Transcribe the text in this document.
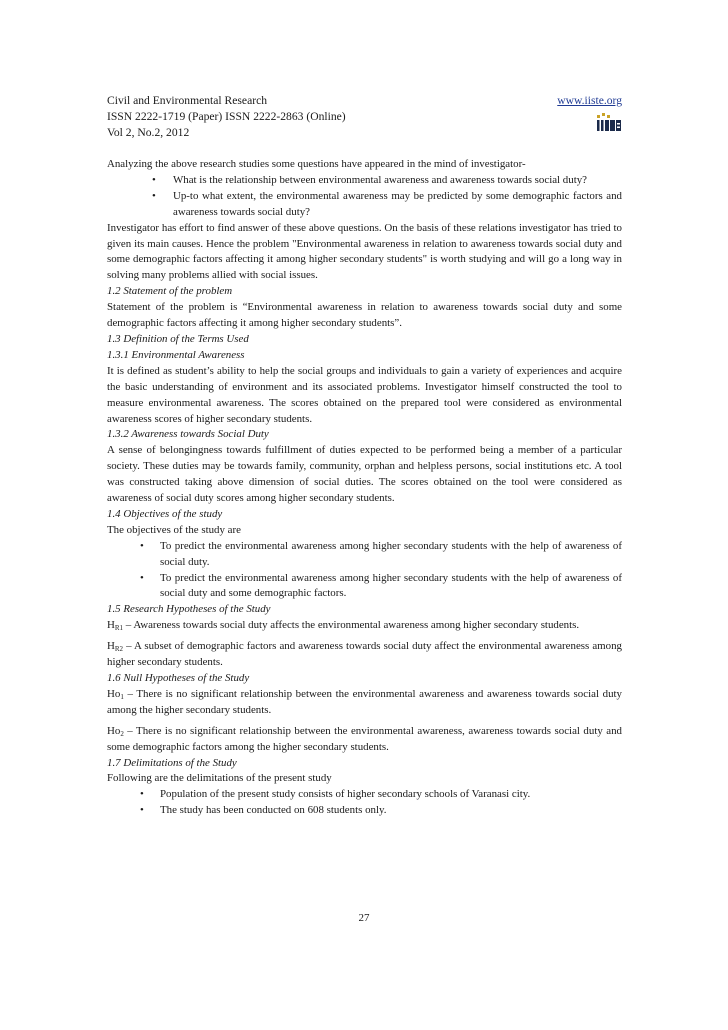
Civil and Environmental Research
ISSN 2222-1719 (Paper) ISSN 2222-2863 (Online)
Vol 2, No.2, 2012
www.iiste.org

Analyzing the above research studies some questions have appeared in the mind of investigator-

• What is the relationship between environmental awareness and awareness towards social duty?
• Up-to what extent, the environmental awareness may be predicted by some demographic factors and awareness towards social duty?

Investigator has effort to find answer of these above questions. On the basis of these relations investigator has tried to given its main causes. Hence the problem "Environmental awareness in relation to awareness towards social duty and some demographic factors affecting it among higher secondary students" is worth studying and will go a long way in solving many problems allied with social issues.

1.2 Statement of the problem

Statement of the problem is “Environmental awareness in relation to awareness towards social duty and some demographic factors affecting it among higher secondary students”.

1.3 Definition of the Terms Used

1.3.1 Environmental Awareness

It is defined as student’s ability to help the social groups and individuals to gain a variety of experiences and acquire the basic understanding of environment and its associated problems. Investigator himself constructed the tool to measure environmental awareness. The scores obtained on the prepared tool were considered as environmental awareness scores of higher secondary students.

1.3.2 Awareness towards Social Duty

A sense of belongingness towards fulfillment of duties expected to be performed being a member of a particular society. These duties may be towards family, community, orphan and helpless persons, social institutions etc. A tool was constructed taking above dimension of social duties. The scores obtained on the tool were considered as awareness of social duty scores among higher secondary students.

1.4 Objectives of the study

The objectives of the study are

• To predict the environmental awareness among higher secondary students with the help of awareness of social duty.
• To predict the environmental awareness among higher secondary students with the help of awareness of social duty and some demographic factors.

1.5 Research Hypotheses of the Study

$H_{R1}$ – Awareness towards social duty affects the environmental awareness among higher secondary students.

$H_{R2}$ – A subset of demographic factors and awareness towards social duty affect the environmental awareness among higher secondary students.

1.6 Null Hypotheses of the Study

$Ho_1$ – There is no significant relationship between the environmental awareness and awareness towards social duty among the higher secondary students.

$Ho_2$ – There is no significant relationship between the environmental awareness, awareness towards social duty and some demographic factors among the higher secondary students.

1.7 Delimitations of the Study

Following are the delimitations of the present study

• Population of the present study consists of higher secondary schools of Varanasi city.
• The study has been conducted on 608 students only.
27
